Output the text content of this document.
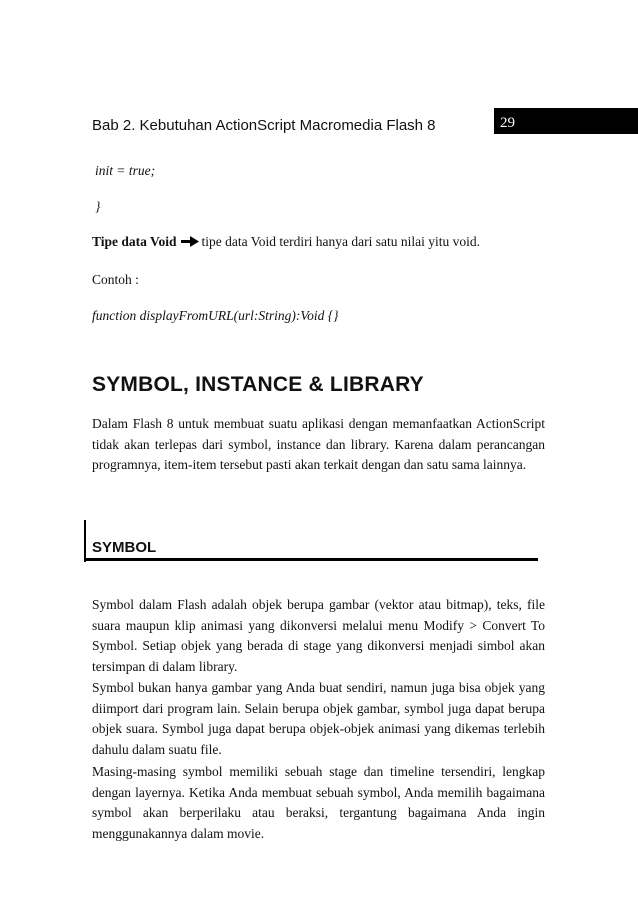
Bab 2. Kebutuhan ActionScript Macromedia Flash 8	29
init = true;
}
Tipe data Void tipe data Void terdiri hanya dari satu nilai yitu void.
Contoh :
function displayFromURL(url:String):Void {}
SYMBOL, INSTANCE & LIBRARY

Dalam Flash 8 untuk membuat suatu aplikasi dengan memanfaatkan ActionScript tidak akan terlepas dari symbol, instance dan library. Karena dalam perancangan programnya, item-item tersebut pasti akan terkait dengan dan satu sama lainnya.

SYMBOL

Symbol dalam Flash adalah objek berupa gambar (vektor atau bitmap), teks, file suara maupun klip animasi yang dikonversi melalui menu Modify > Convert To Symbol. Setiap objek yang berada di stage yang dikonversi menjadi simbol akan tersimpan di dalam library.

Symbol bukan hanya gambar yang Anda buat sendiri, namun juga bisa objek yang diimport dari program lain. Selain berupa objek gambar, symbol juga dapat berupa objek suara. Symbol juga dapat berupa objek-objek animasi yang dikemas terlebih dahulu dalam suatu file.

Masing-masing symbol memiliki sebuah stage dan timeline tersendiri, lengkap dengan layernya. Ketika Anda membuat sebuah symbol, Anda memilih bagaimana symbol akan berperilaku atau beraksi, tergantung bagaimana Anda ingin menggunakannya dalam movie.
